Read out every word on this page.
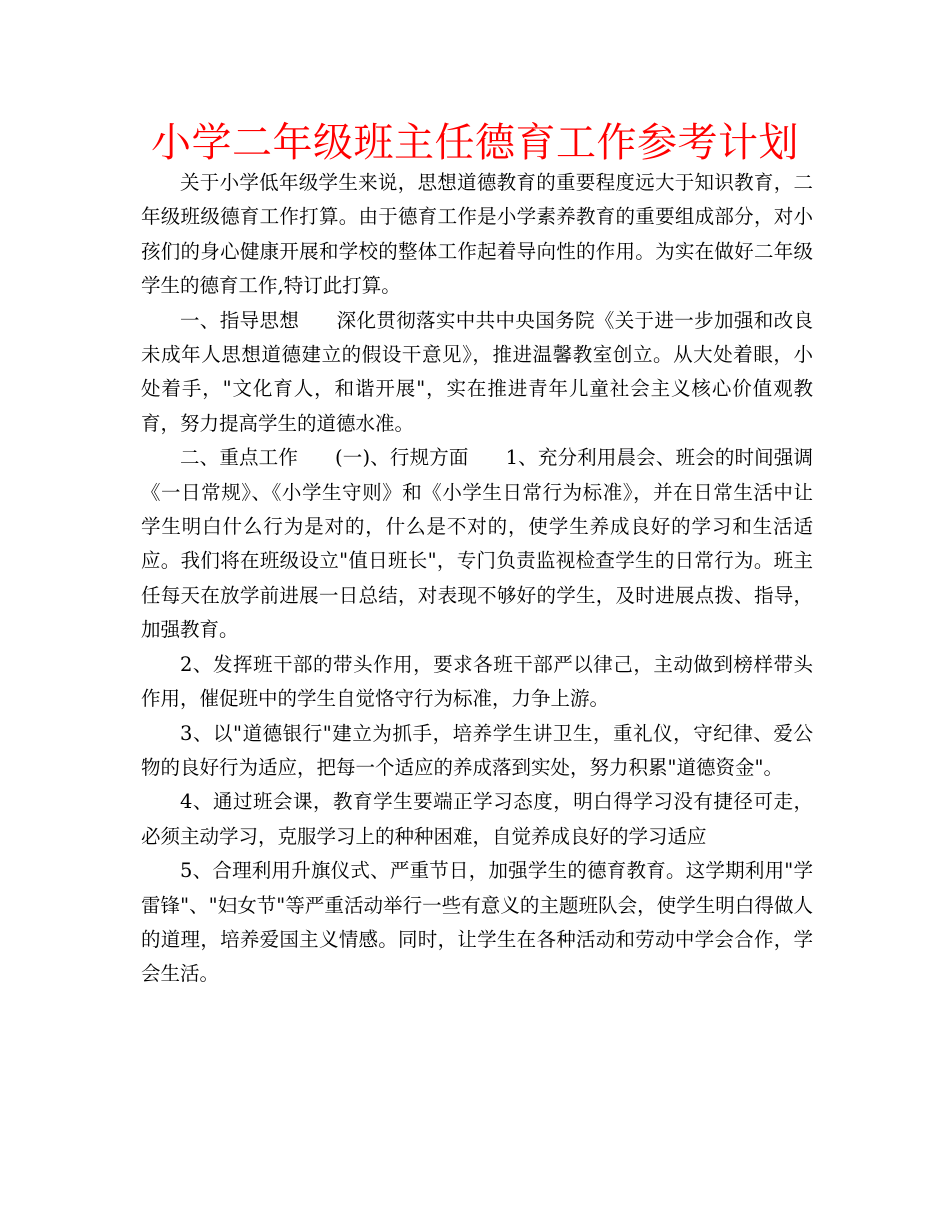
小学二年级班主任德育工作参考计划

关于小学低年级学生来说，思想道德教育的重要程度远大于知识教育，二年级班级德育工作打算。由于德育工作是小学素养教育的重要组成部分，对小孩们的身心健康开展和学校的整体工作起着导向性的作用。为实在做好二年级学生的德育工作,特订此打算。

一、指导思想 深化贯彻落实中共中央国务院《关于进一步加强和改良未成年人思想道德建立的假设干意见》，推进温馨教室创立。从大处着眼，小处着手，"文化育人，和谐开展"，实在推进青年儿童社会主义核心价值观教育，努力提高学生的道德水准。

二、重点工作 (一)、行规方面 1、充分利用晨会、班会的时间强调《一日常规》、《小学生守则》和《小学生日常行为标准》，并在日常生活中让学生明白什么行为是对的，什么是不对的，使学生养成良好的学习和生活适应。我们将在班级设立"值日班长"，专门负责监视检查学生的日常行为。班主任每天在放学前进展一日总结，对表现不够好的学生，及时进展点拨、指导，加强教育。

2、发挥班干部的带头作用，要求各班干部严以律己，主动做到榜样带头作用，催促班中的学生自觉恪守行为标准，力争上游。

3、以"道德银行"建立为抓手，培养学生讲卫生，重礼仪，守纪律、爱公物的良好行为适应，把每一个适应的养成落到实处，努力积累"道德资金"。

4、通过班会课，教育学生要端正学习态度，明白得学习没有捷径可走，必须主动学习，克服学习上的种种困难，自觉养成良好的学习适应

5、合理利用升旗仪式、严重节日，加强学生的德育教育。这学期利用"学雷锋"、"妇女节"等严重活动举行一些有意义的主题班队会，使学生明白得做人的道理，培养爱国主义情感。同时，让学生在各种活动和劳动中学会合作，学会生活。
